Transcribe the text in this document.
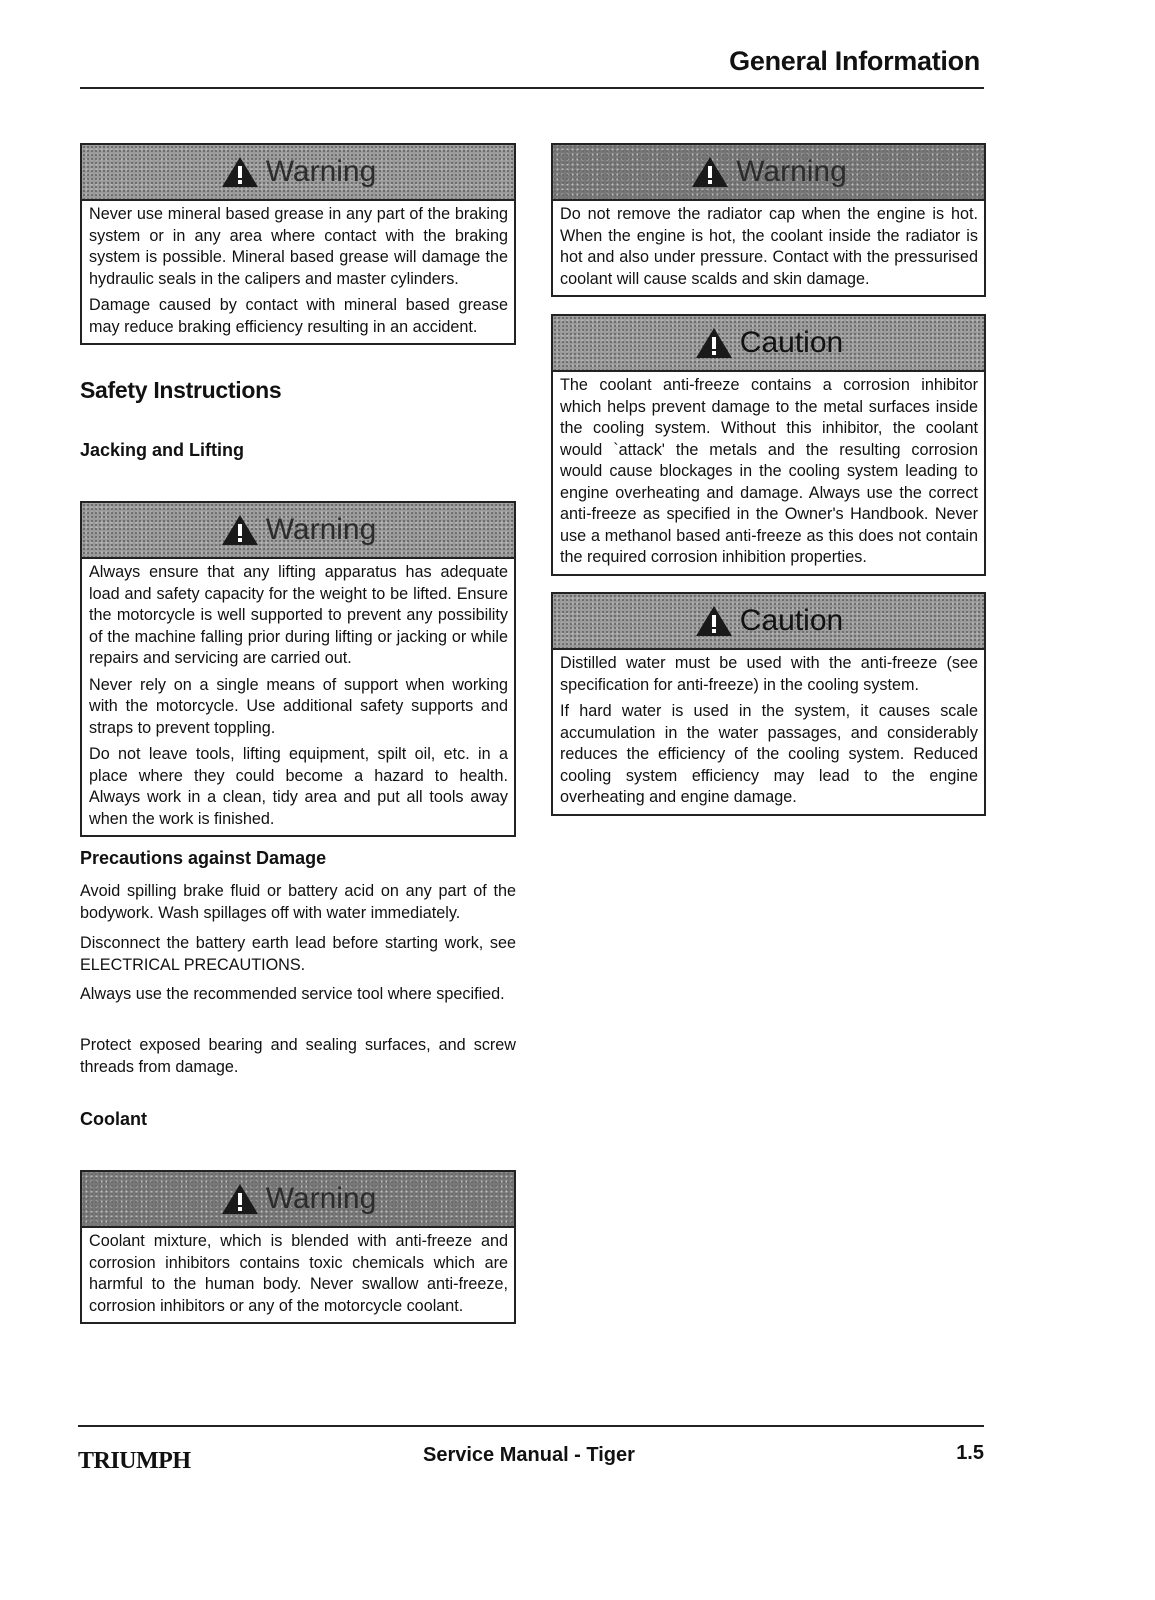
General Information
Warning

Never use mineral based grease in any part of the braking system or in any area where contact with the braking system is possible. Mineral based grease will damage the hydraulic seals in the calipers and master cylinders.

Damage caused by contact with mineral based grease may reduce braking efficiency resulting in an accident.

Safety Instructions
Jacking and Lifting
Warning

Always ensure that any lifting apparatus has adequate load and safety capacity for the weight to be lifted. Ensure the motorcycle is well supported to prevent any possibility of the machine falling prior during lifting or jacking or while repairs and servicing are carried out.

Never rely on a single means of support when working with the motorcycle. Use additional safety supports and straps to prevent toppling.

Do not leave tools, lifting equipment, spilt oil, etc. in a place where they could become a hazard to health. Always work in a clean, tidy area and put all tools away when the work is finished.

Precautions against Damage

Avoid spilling brake fluid or battery acid on any part of the bodywork. Wash spillages off with water immediately.

Disconnect the battery earth lead before starting work, see ELECTRICAL PRECAUTIONS.

Always use the recommended service tool where specified.

Protect exposed bearing and sealing surfaces, and screw threads from damage.

Coolant
Warning

Coolant mixture, which is blended with anti-freeze and corrosion inhibitors contains toxic chemicals which are harmful to the human body. Never swallow anti-freeze, corrosion inhibitors or any of the motorcycle coolant.

Warning

Do not remove the radiator cap when the engine is hot. When the engine is hot, the coolant inside the radiator is hot and also under pressure. Contact with the pressurised coolant will cause scalds and skin damage.

Caution

The coolant anti-freeze contains a corrosion inhibitor which helps prevent damage to the metal surfaces inside the cooling system. Without this inhibitor, the coolant would `attack' the metals and the resulting corrosion would cause blockages in the cooling system leading to engine overheating and damage. Always use the correct anti-freeze as specified in the Owner's Handbook. Never use a methanol based anti-freeze as this does not contain the required corrosion inhibition properties.

Caution

Distilled water must be used with the anti-freeze (see specification for anti-freeze) in the cooling system.

If hard water is used in the system, it causes scale accumulation in the water passages, and considerably reduces the efficiency of the cooling system. Reduced cooling system efficiency may lead to the engine overheating and engine damage.

TRIUMPH	Service Manual - Tiger	1.5
